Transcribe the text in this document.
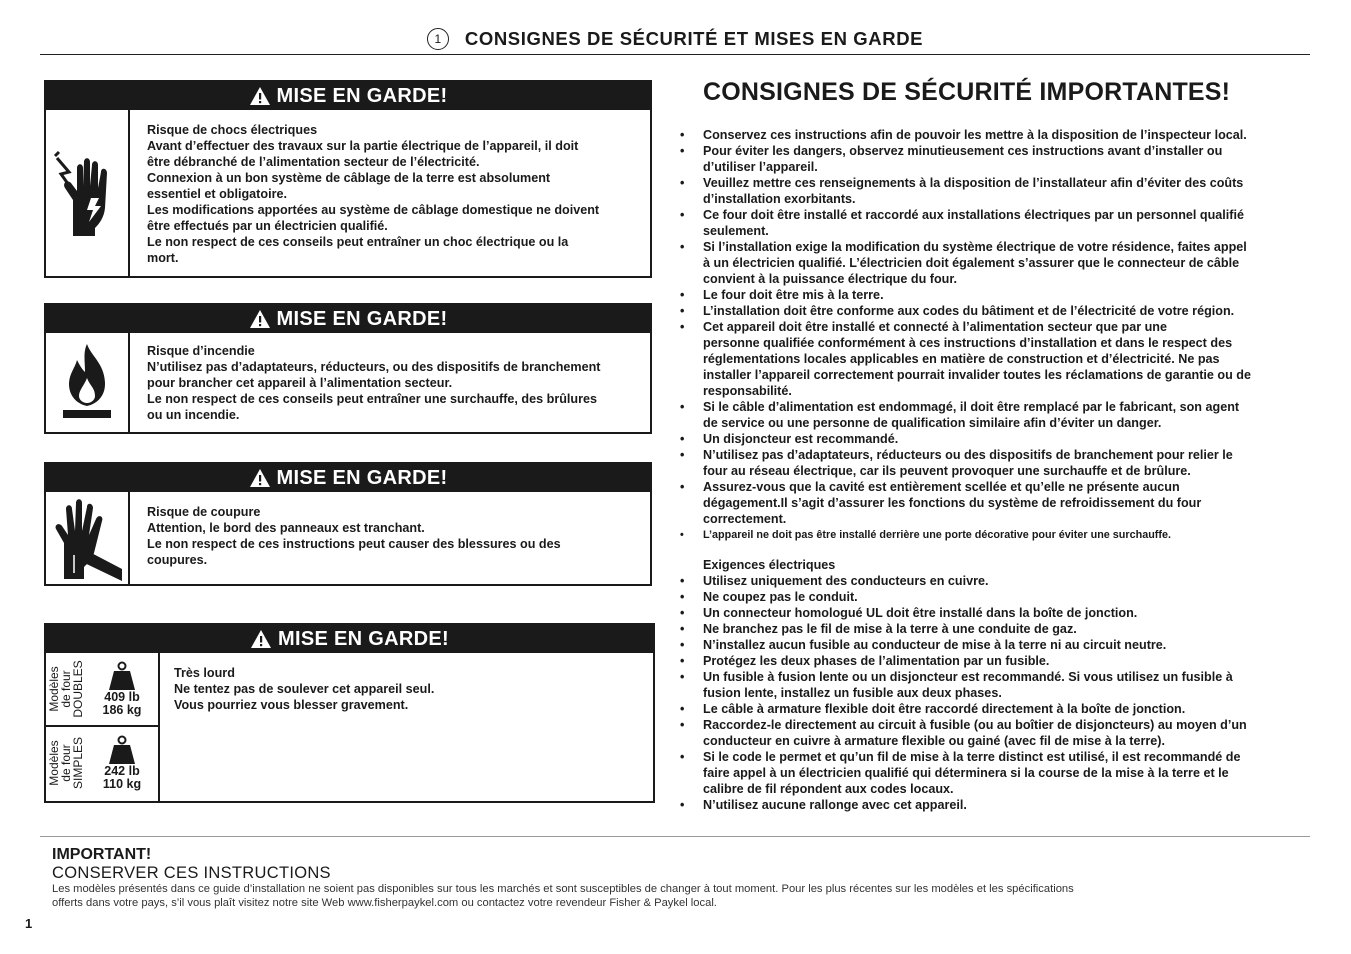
1	CONSIGNES DE SÉCURITÉ ET MISES EN GARDE
MISE EN GARDE!
Risque de chocs électriques
Avant d’effectuer des travaux sur la partie électrique de l’appareil, il doit
être débranché de l’alimentation secteur de l’électricité.
Connexion à un bon système de câblage de la terre est absolument
essentiel et obligatoire.
Les modifications apportées au système de câblage domestique ne doivent
être effectués par un électricien qualifié.
Le non respect de ces conseils peut entraîner un choc électrique ou la
mort.
MISE EN GARDE!
Risque d’incendie
N’utilisez pas d’adaptateurs, réducteurs, ou des dispositifs de branchement
pour brancher cet appareil à l’alimentation secteur.
Le non respect de ces conseils peut entraîner une surchauffe, des brûlures
ou un incendie.
MISE EN GARDE!
Risque de coupure
Attention, le bord des panneaux est tranchant.
Le non respect de ces instructions peut causer des blessures ou des
coupures.
MISE EN GARDE!
Modèles
de four
DOUBLES 409 lb
186 kg
Modèles
de four
SIMPLES 242 lb
110 kg
Très lourd
Ne tentez pas de soulever cet appareil seul.
Vous pourriez vous blesser gravement.
CONSIGNES DE SÉCURITÉ IMPORTANTES!
• Conservez ces instructions afin de pouvoir les mettre à la disposition de l’inspecteur local.
• Pour éviter les dangers, observez minutieusement ces instructions avant d’installer ou
d’utiliser l’appareil.
• Veuillez mettre ces renseignements à la disposition de l’installateur afin d’éviter des coûts
d’installation exorbitants.
• Ce four doit être installé et raccordé aux installations électriques par un personnel qualifié
seulement.
• Si l’installation exige la modification du système électrique de votre résidence, faites appel
à un électricien qualifié. L’électricien doit également s’assurer que le connecteur de câble
convient à la puissance électrique du four.
• Le four doit être mis à la terre.
• L’installation doit être conforme aux codes du bâtiment et de l’électricité de votre région.
• Cet appareil doit être installé et connecté à l’alimentation secteur que par une
personne qualifiée conformément à ces instructions d’installation et dans le respect des
réglementations locales applicables en matière de construction et d’électricité. Ne pas
installer l’appareil correctement pourrait invalider toutes les réclamations de garantie ou de
responsabilité.
• Si le câble d’alimentation est endommagé, il doit être remplacé par le fabricant, son agent
de service ou une personne de qualification similaire afin d’éviter un danger.
• Un disjoncteur est recommandé.
• N’utilisez pas d’adaptateurs, réducteurs ou des dispositifs de branchement pour relier le
four au réseau électrique, car ils peuvent provoquer une surchauffe et de brûlure.
• Assurez-vous que la cavité est entièrement scellée et qu’elle ne présente aucun
dégagement.Il s’agit d’assurer les fonctions du système de refroidissement du four
correctement.
• L’appareil ne doit pas être installé derrière une porte décorative pour éviter une surchauffe.
Exigences électriques
• Utilisez uniquement des conducteurs en cuivre.
• Ne coupez pas le conduit.
• Un connecteur homologué UL doit être installé dans la boîte de jonction.
• Ne branchez pas le fil de mise à la terre à une conduite de gaz.
• N’installez aucun fusible au conducteur de mise à la terre ni au circuit neutre.
• Protégez les deux phases de l’alimentation par un fusible.
• Un fusible à fusion lente ou un disjoncteur est recommandé. Si vous utilisez un fusible à
fusion lente, installez un fusible aux deux phases.
• Le câble à armature flexible doit être raccordé directement à la boîte de jonction.
• Raccordez-le directement au circuit à fusible (ou au boîtier de disjoncteurs) au moyen d’un
conducteur en cuivre à armature flexible ou gainé (avec fil de mise à la terre).
• Si le code le permet et qu’un fil de mise à la terre distinct est utilisé, il est recommandé de
faire appel à un électricien qualifié qui déterminera si la course de la mise à la terre et le
calibre de fil répondent aux codes locaux.
• N’utilisez aucune rallonge avec cet appareil.
IMPORTANT!
CONSERVER CES INSTRUCTIONS
Les modèles présentés dans ce guide d’installation ne soient pas disponibles sur tous les marchés et sont susceptibles de changer à tout moment. Pour les plus récentes sur les modèles et les spécifications
offerts dans votre pays, s’il vous plaît visitez notre site Web www.fisherpaykel.com ou contactez votre revendeur Fisher & Paykel local.
1
